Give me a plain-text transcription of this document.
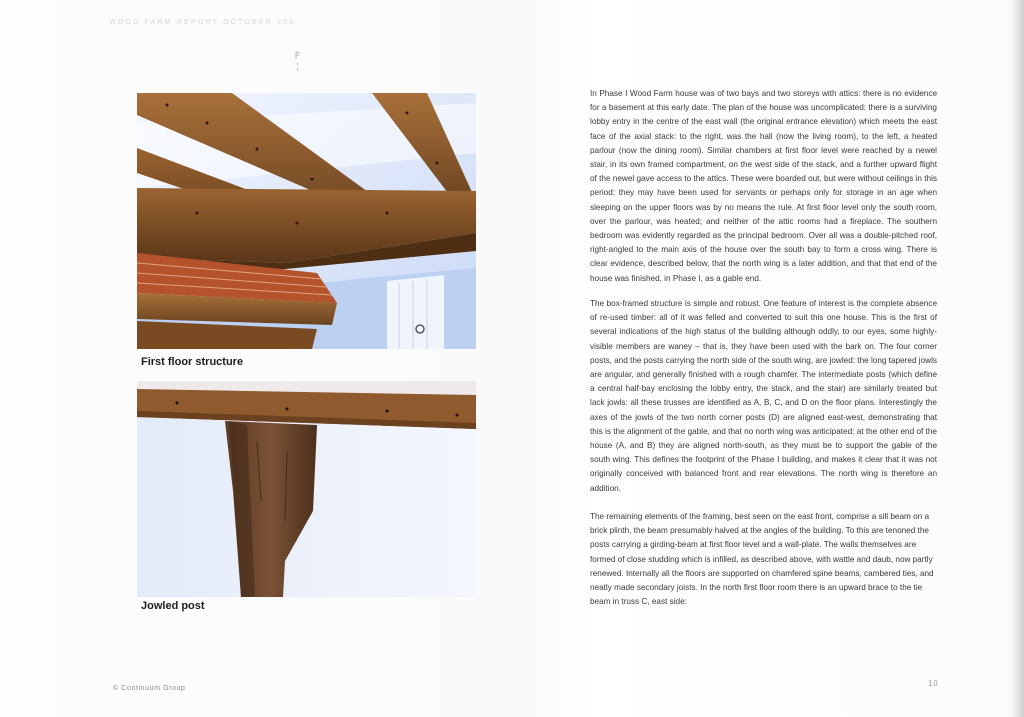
WOOD FARM REPORT OCTOBER 200
First floor structure
Jowled post

In Phase I Wood Farm house was of two bays and two storeys with attics: there is no evidence for a basement at this early date. The plan of the house was uncomplicated: there is a surviving lobby entry in the centre of the east wall (the original entrance elevation) which meets the east face of the axial stack: to the right, was the hall (now the living room), to the left, a heated parlour (now the dining room). Similar chambers at first floor level were reached by a newel stair, in its own framed compartment, on the west side of the stack, and a further upward flight of the newel gave access to the attics. These were boarded out, but were without ceilings in this period: they may have been used for servants or perhaps only for storage in an age when sleeping on the upper floors was by no means the rule. At first floor level only the south room, over the parlour, was heated; and neither of the attic rooms had a fireplace. The southern bedroom was evidently regarded as the principal bedroom. Over all was a double-pitched roof, right-angled to the main axis of the house over the south bay to form a cross wing. There is clear evidence, described below, that the north wing is a later addition, and that that end of the house was finished, in Phase I, as a gable end.

The box-framed structure is simple and robust. One feature of interest is the complete absence of re-used timber: all of it was felled and converted to suit this one house. This is the first of several indications of the high status of the building although oddly, to our eyes, some highly-visible members are waney – that is, they have been used with the bark on. The four corner posts, and the posts carrying the north side of the south wing, are jowled: the long tapered jowls are angular, and generally finished with a rough chamfer. The intermediate posts (which define a central half-bay enclosing the lobby entry, the stack, and the stair) are similarly treated but lack jowls: all these trusses are identified as A, B, C, and D on the floor plans. Interestingly the axes of the jowls of the two north corner posts (D) are aligned east-west, demonstrating that this is the alignment of the gable, and that no north wing was anticipated: at the other end of the house (A, and B) they are aligned north-south, as they must be to support the gable of the south wing. This defines the footprint of the Phase I building, and makes it clear that it was not originally conceived with balanced front and rear elevations. The north wing is therefore an addition.

The remaining elements of the framing, best seen on the east front, comprise a sill beam on a brick plinth, the beam presumably halved at the angles of the building. To this are tenoned the posts carrying a girding-beam at first floor level and a wall-plate. The walls themselves are formed of close studding which is infilled, as described above, with wattle and daub, now partly renewed. Internally all the floors are supported on chamfered spine beams, cambered ties, and neatly made secondary joists. In the north first floor room there is an upward brace to the tie beam in truss C, east side:

© Continuum Group
10
